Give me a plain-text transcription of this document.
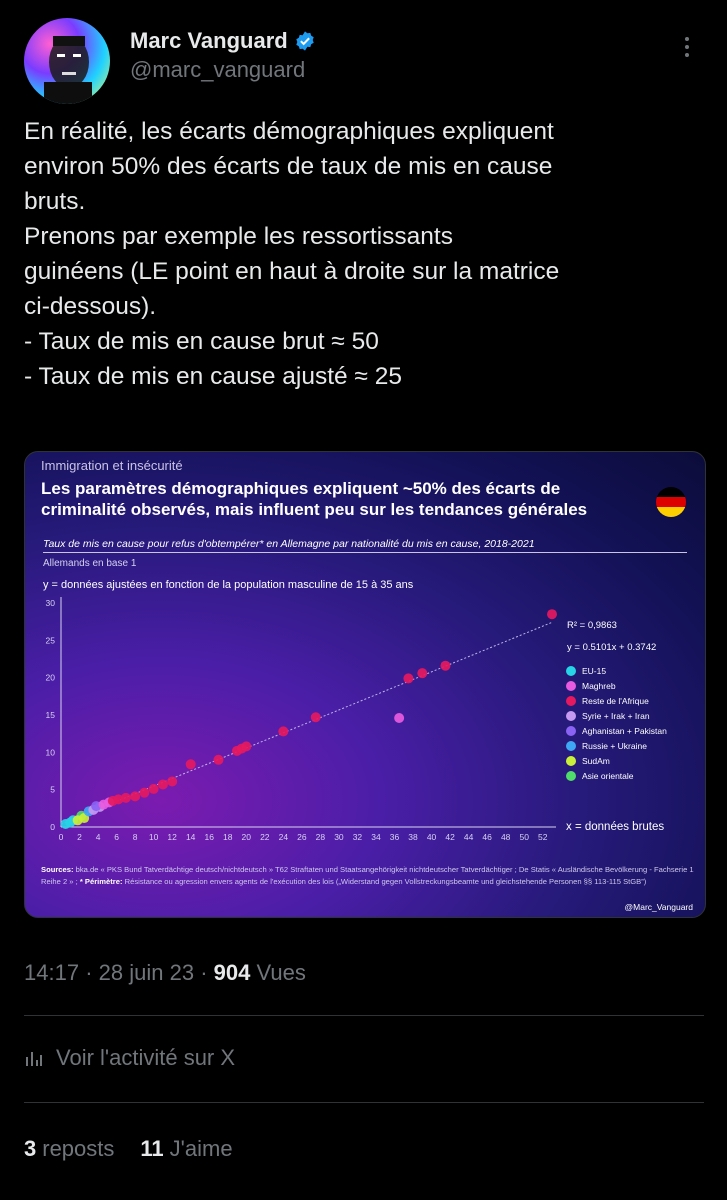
Marc Vanguard
@marc_vanguard
En réalité, les écarts démographiques expliquent
environ 50% des écarts de taux de mis en cause
bruts.
Prenons par exemple les ressortissants
guinéens (LE point en haut à droite sur la matrice
ci-dessous).
- Taux de mis en cause brut ≈ 50
- Taux de mis en cause ajusté ≈ 25
Immigration et insécurité
Les paramètres démographiques expliquent ~50% des écarts de criminalité observés, mais influent peu sur les tendances générales
Taux de mis en cause pour refus d'obtempérer* en Allemagne par nationalité du mis en cause, 2018-2021
Allemands en base 1
y = données ajustées en fonction de la population masculine de 15 à 35 ans
0
5
10
15
20
25
30
0 2 4 6 8 10 12 14 16 18 20 22 24 26 28 30 32 34 36 38 40 42 44 46 48 50 52
x = données brutes
R² = 0,9863
y = 0.5101x + 0.3742
EU-15
Maghreb
Reste de l'Afrique
Syrie + Irak + Iran
Aghanistan + Pakistan
Russie + Ukraine
SudAm
Asie orientale
Sources: bka.de « PKS Bund Tatverdächtige deutsch/nichtdeutsch » T62 Straftaten und Staatsangehörigkeit nichtdeutscher Tatverdächtiger ; De Statis « Ausländische Bevölkerung - Fachserie 1 Reihe 2 » ; * Périmètre: Résistance ou agression envers agents de l'exécution des lois („Widerstand gegen Vollstreckungsbeamte und gleichstehende Personen §§ 113-115 StGB”)
@Marc_Vanguard
14:17 · 28 juin 23 · 904 Vues
Voir l'activité sur X
3 reposts 11 J'aime
